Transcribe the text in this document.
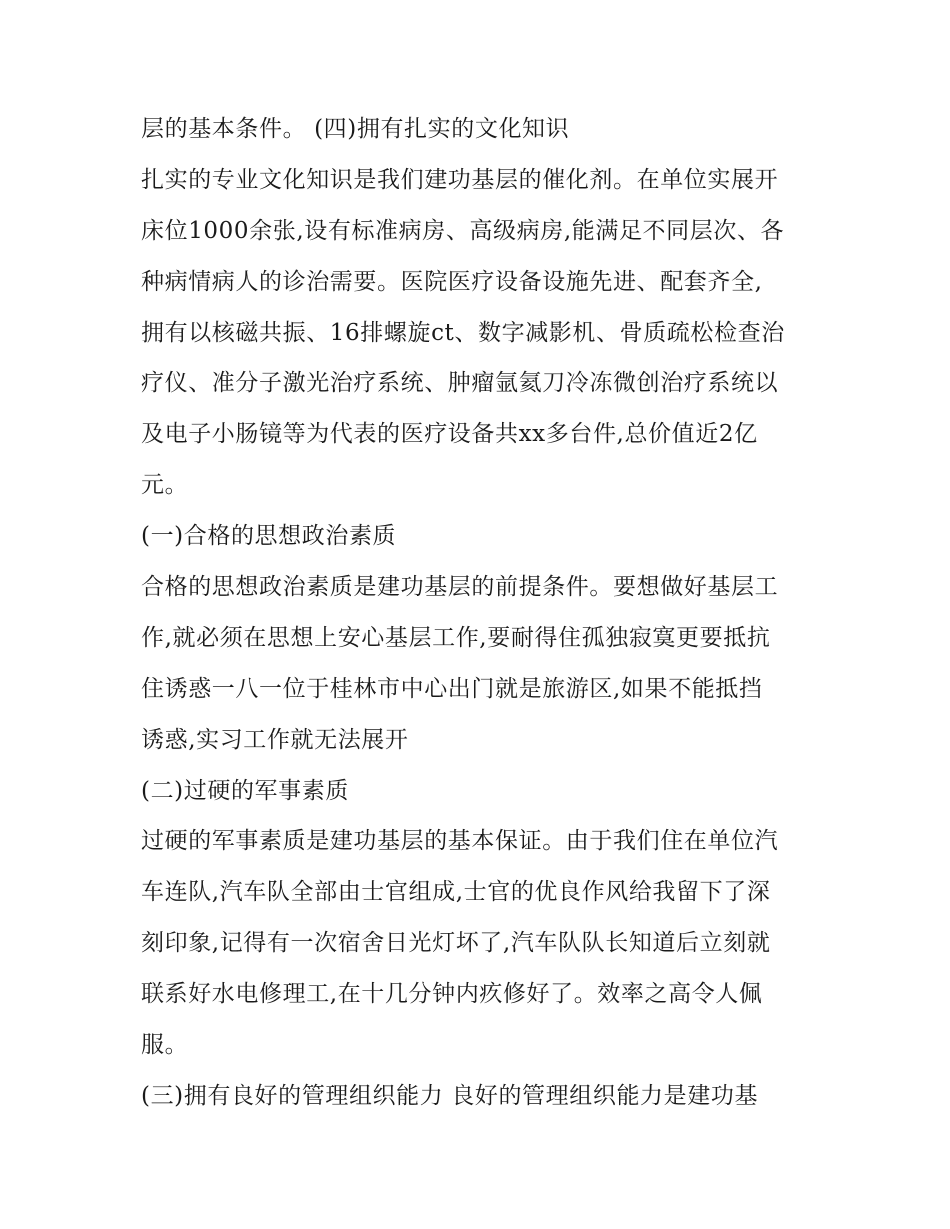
层的基本条件。 (四)拥有扎实的文化知识
扎实的专业文化知识是我们建功基层的催化剂。在单位实展开
床位1000余张,设有标准病房、高级病房,能满足不同层次、各
种病情病人的诊治需要。医院医疗设备设施先进、配套齐全,
拥有以核磁共振、16排螺旋ct、数字减影机、骨质疏松检查治
疗仪、准分子激光治疗系统、肿瘤氩氦刀冷冻微创治疗系统以
及电子小肠镜等为代表的医疗设备共xx多台件,总价值近2亿
元。
(一)合格的思想政治素质
合格的思想政治素质是建功基层的前提条件。要想做好基层工
作,就必须在思想上安心基层工作,要耐得住孤独寂寞更要抵抗
住诱惑一八一位于桂林市中心出门就是旅游区,如果不能抵挡
诱惑,实习工作就无法展开
(二)过硬的军事素质
过硬的军事素质是建功基层的基本保证。由于我们住在单位汽
车连队,汽车队全部由士官组成,士官的优良作风给我留下了深
刻印象,记得有一次宿舍日光灯坏了,汽车队队长知道后立刻就
联系好水电修理工,在十几分钟内疚修好了。效率之高令人佩
服。
(三)拥有良好的管理组织能力 良好的管理组织能力是建功基
